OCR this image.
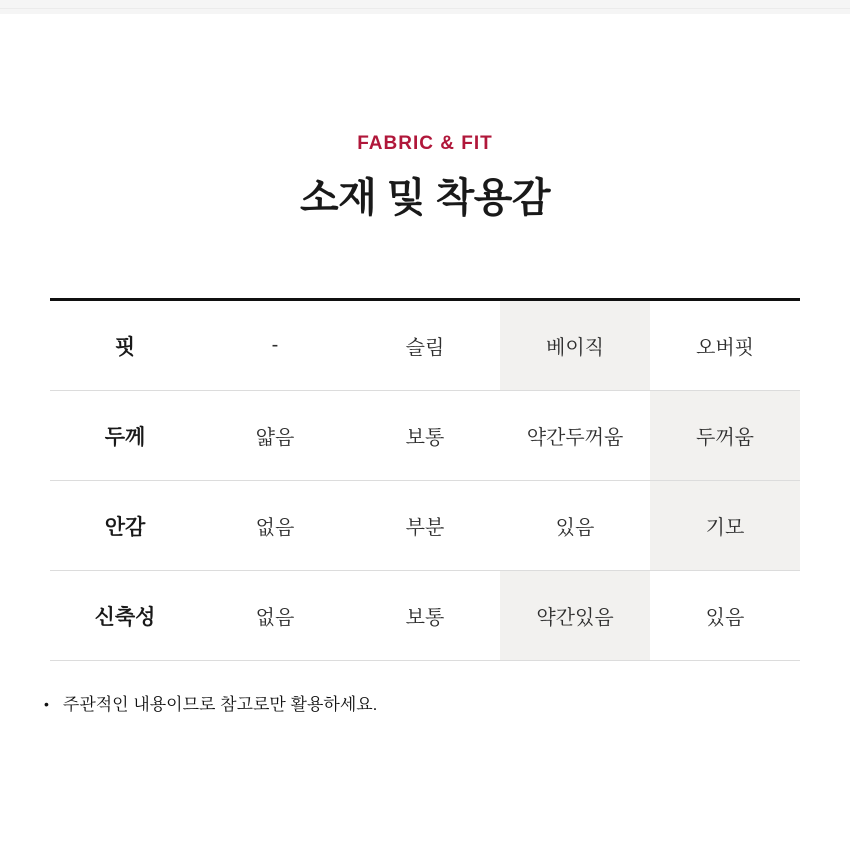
FABRIC & FIT
소재 및 착용감
핏	-	슬림	베이직	오버핏
두께	얇음	보통	약간두꺼움	두꺼움
안감	없음	부분	있음	기모
신축성	없음	보통	약간있음	있음
• 주관적인 내용이므로 참고로만 활용하세요.
